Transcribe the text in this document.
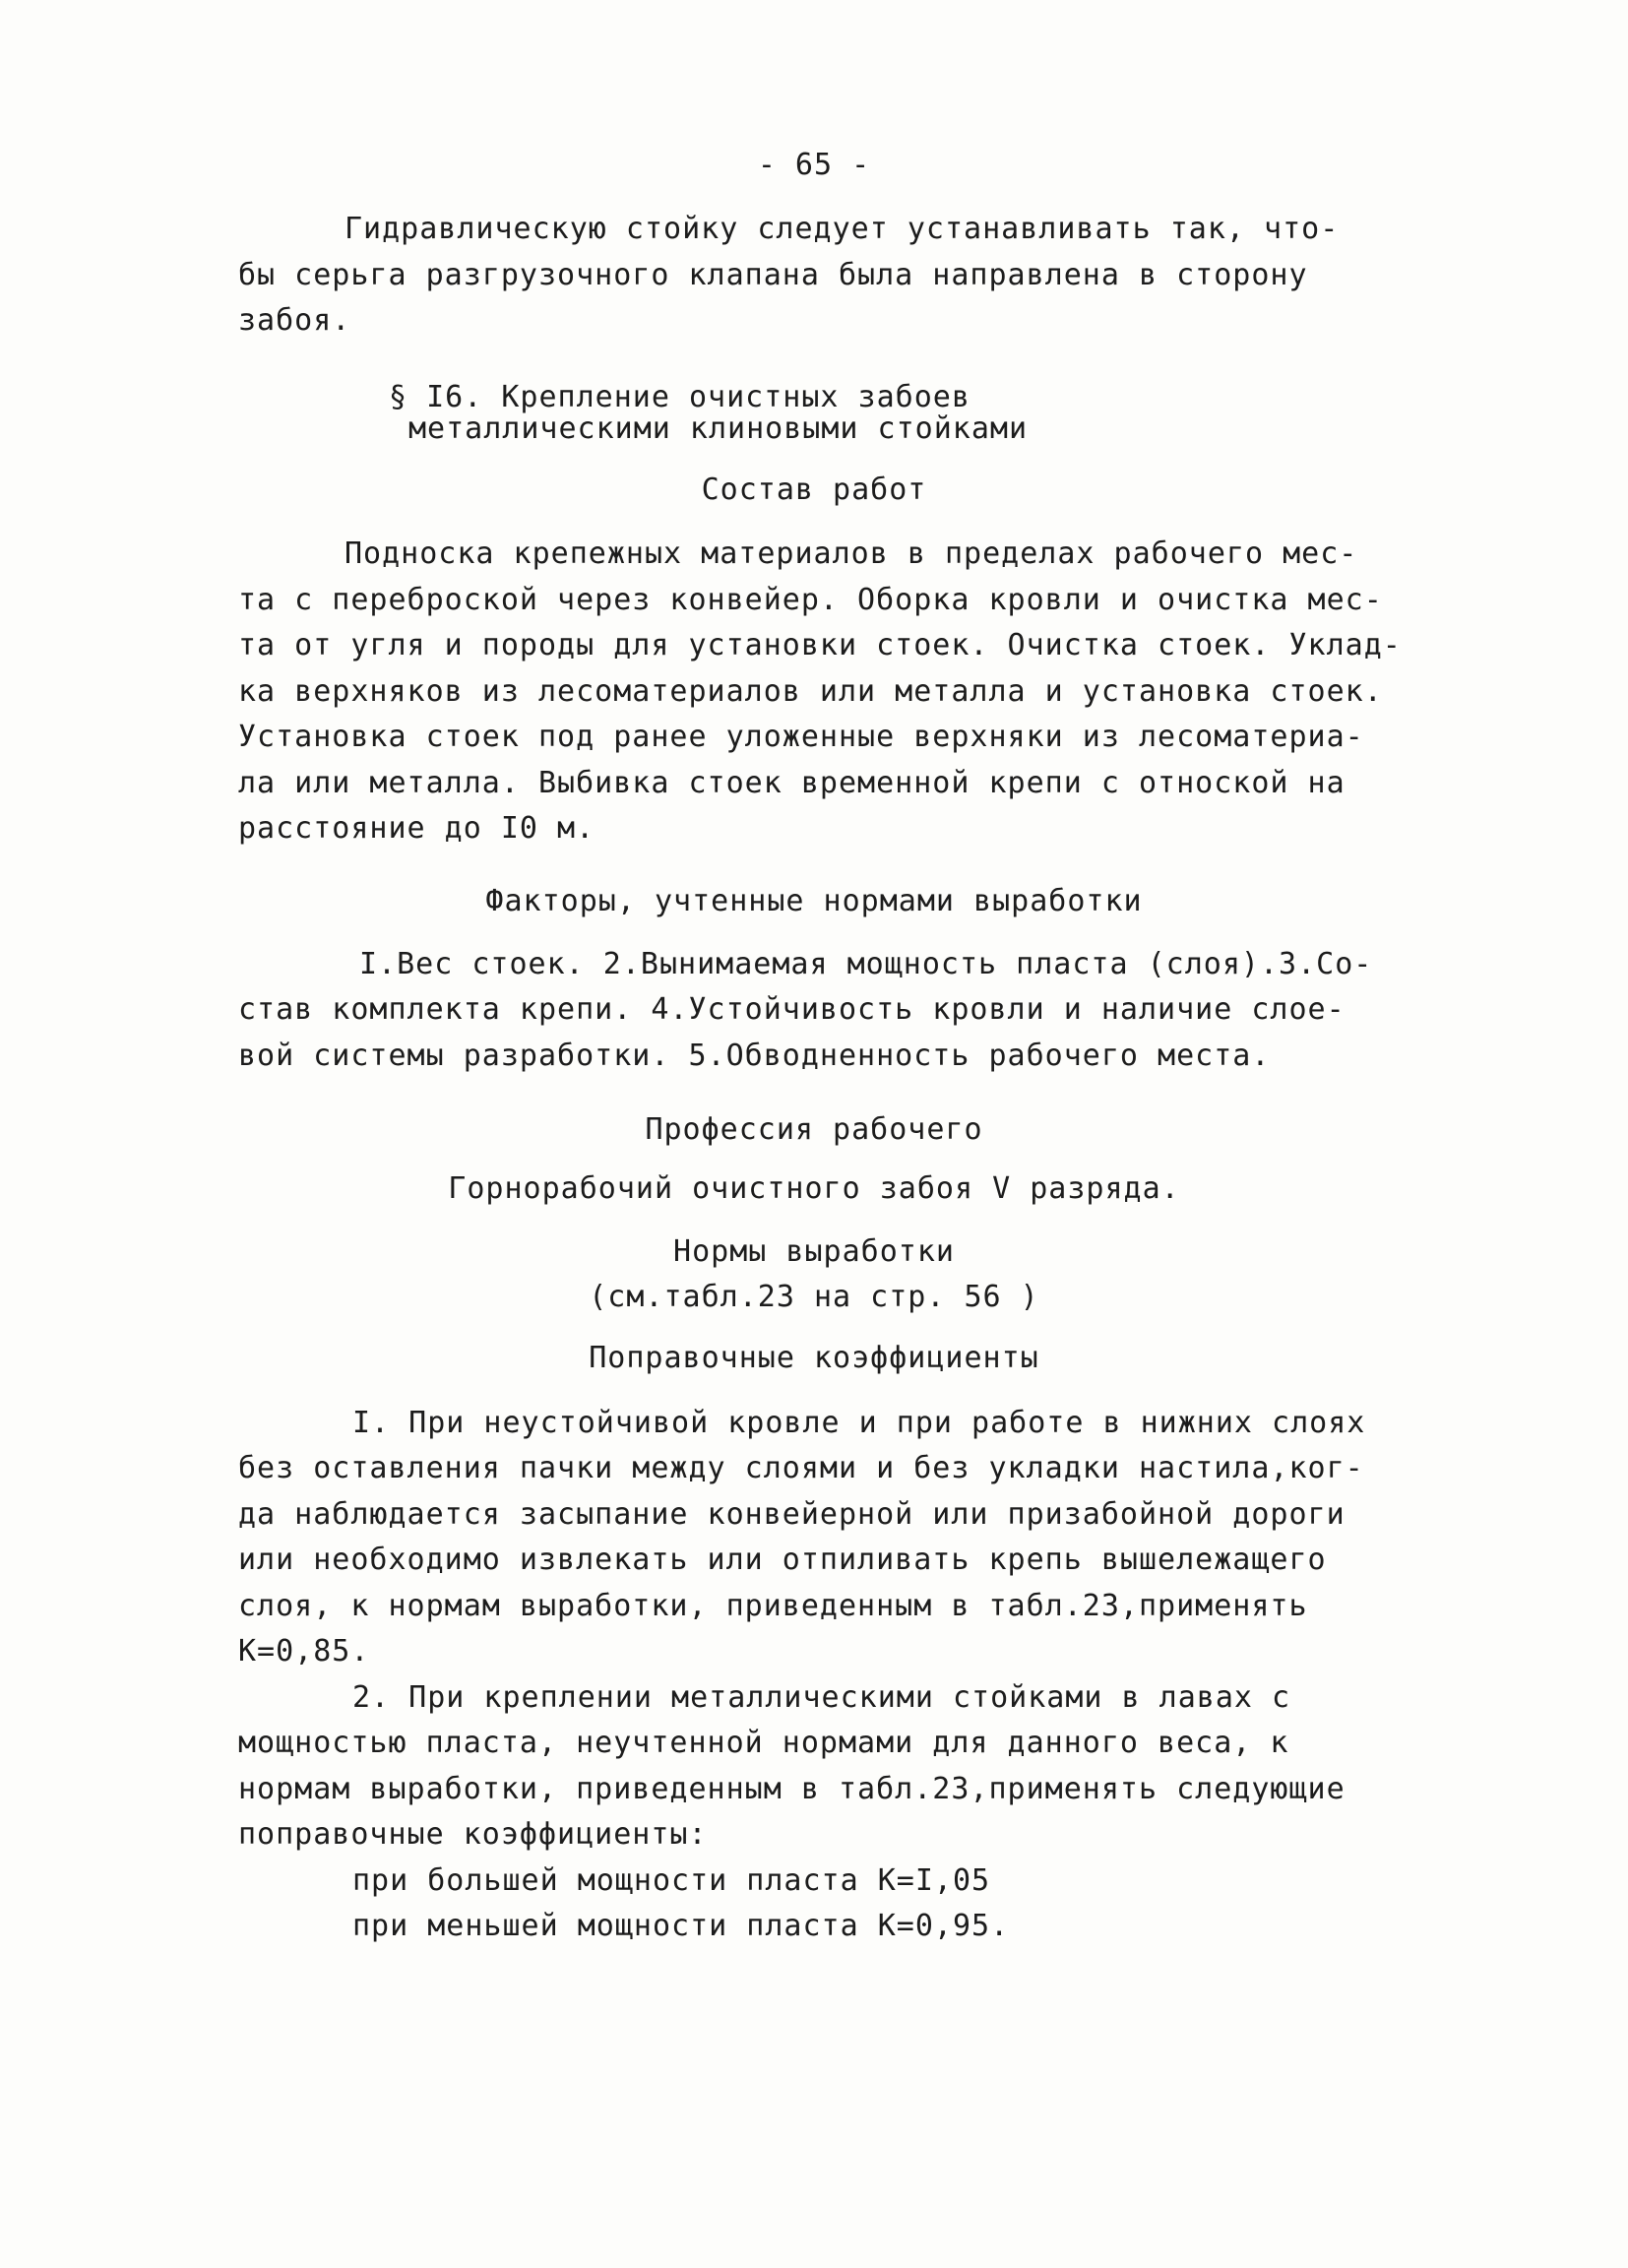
- 65 -
Гидравлическую стойку следует устанавливать так, что-
бы серьга разгрузочного клапана была направлена в сторону
забоя.
§ I6. Крепление очистных забоев
металлическими клиновыми стойками
Состав работ
Подноска крепежных материалов в пределах рабочего мес-
та с переброской через конвейер. Оборка кровли и очистка мес-
та от угля и породы для установки стоек. Очистка стоек. Уклад-
ка верхняков из лесоматериалов или металла и установка стоек.
Установка стоек под ранее уложенные верхняки из лесоматериа-
ла или металла. Выбивка стоек временной крепи с отноской на
расстояние до I0 м.
Факторы, учтенные нормами выработки
I.Вес стоек. 2.Вынимаемая мощность пласта (слоя).3.Со-
став комплекта крепи. 4.Устойчивость кровли и наличие слое-
вой системы разработки. 5.Обводненность рабочего места.
Профессия рабочего
Горнорабочий очистного забоя V разряда.
Нормы выработки
(см.табл.23 на стр. 56 )
Поправочные коэффициенты
I. При неустойчивой кровле и при работе в нижних слоях
без оставления пачки между слоями и без укладки настила,ког-
да наблюдается засыпание конвейерной или призабойной дороги
или необходимо извлекать или отпиливать крепь вышележащего
слоя, к нормам выработки, приведенным в табл.23,применять
К=0,85.
2. При креплении металлическими стойками в лавах с
мощностью пласта, неучтенной нормами для данного веса, к
нормам выработки, приведенным в табл.23,применять следующие
поправочные коэффициенты:
при большей мощности пласта К=I,05
при меньшей мощности пласта К=0,95.
